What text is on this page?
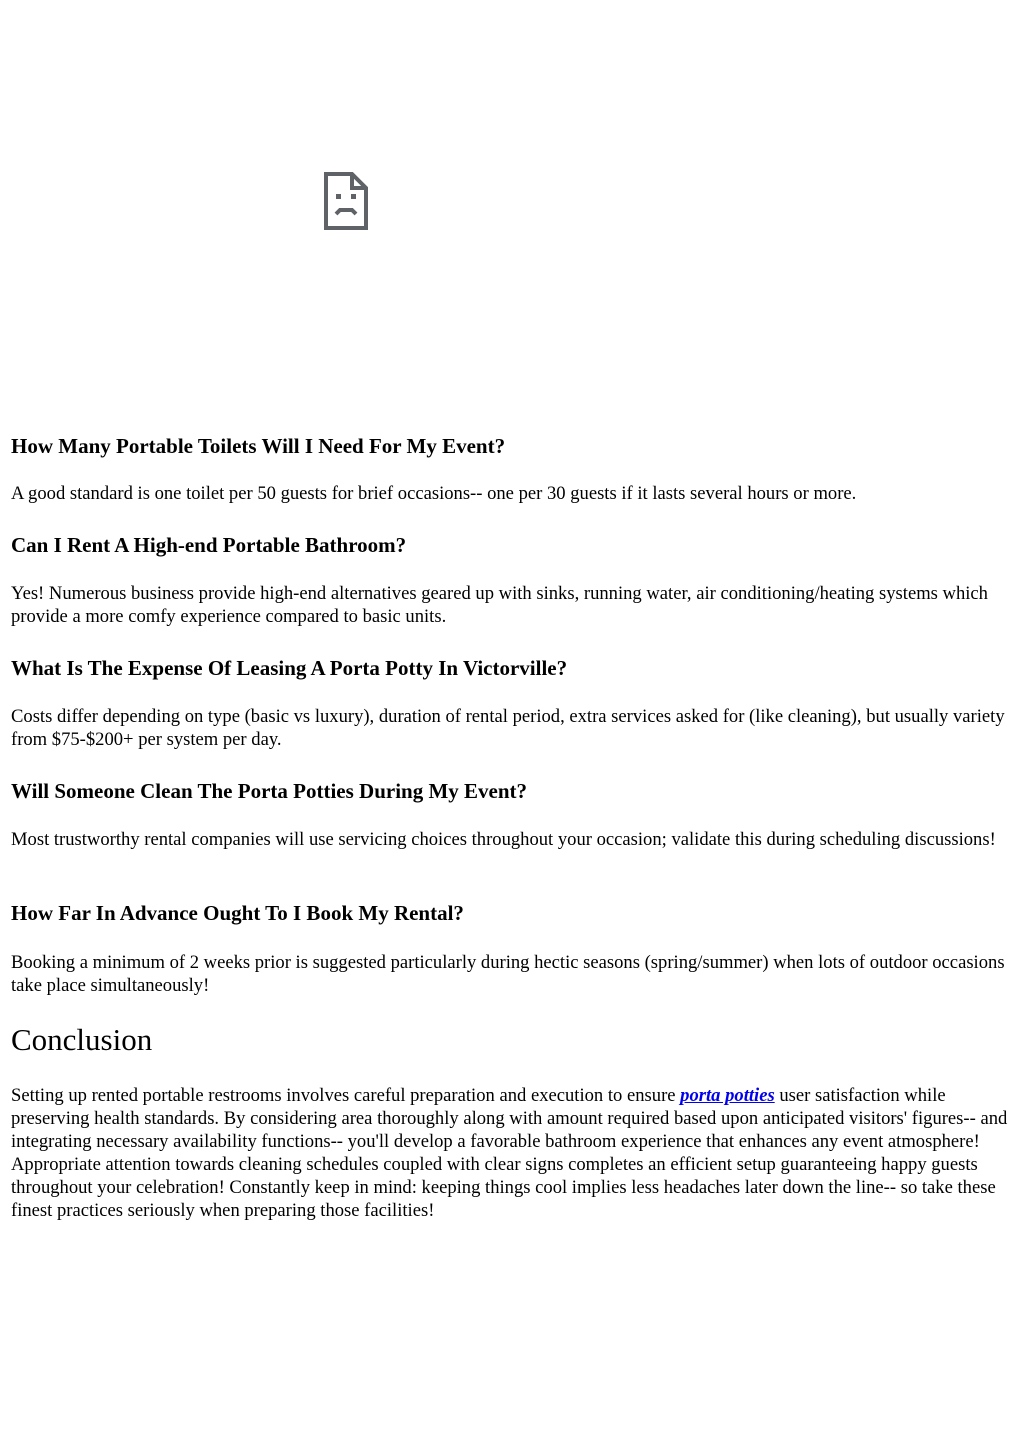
How Many Portable Toilets Will I Need For My Event?

A good standard is one toilet per 50 guests for brief occasions-- one per 30 guests if it lasts several hours or more.

Can I Rent A High-end Portable Bathroom?

Yes! Numerous business provide high-end alternatives geared up with sinks, running water, air conditioning/heating systems which provide a more comfy experience compared to basic units.

What Is The Expense Of Leasing A Porta Potty In Victorville?

Costs differ depending on type (basic vs luxury), duration of rental period, extra services asked for (like cleaning), but usually variety from $75-$200+ per system per day.

Will Someone Clean The Porta Potties During My Event?

Most trustworthy rental companies will use servicing choices throughout your occasion; validate this during scheduling discussions!

How Far In Advance Ought To I Book My Rental?

Booking a minimum of 2 weeks prior is suggested particularly during hectic seasons (spring/summer) when lots of outdoor occasions take place simultaneously!

Conclusion

Setting up rented portable restrooms involves careful preparation and execution to ensure porta potties user satisfaction while preserving health standards. By considering area thoroughly along with amount required based upon anticipated visitors' figures-- and integrating necessary availability functions-- you'll develop a favorable bathroom experience that enhances any event atmosphere! Appropriate attention towards cleaning schedules coupled with clear signs completes an efficient setup guaranteeing happy guests throughout your celebration! Constantly keep in mind: keeping things cool implies less headaches later down the line-- so take these finest practices seriously when preparing those facilities!
